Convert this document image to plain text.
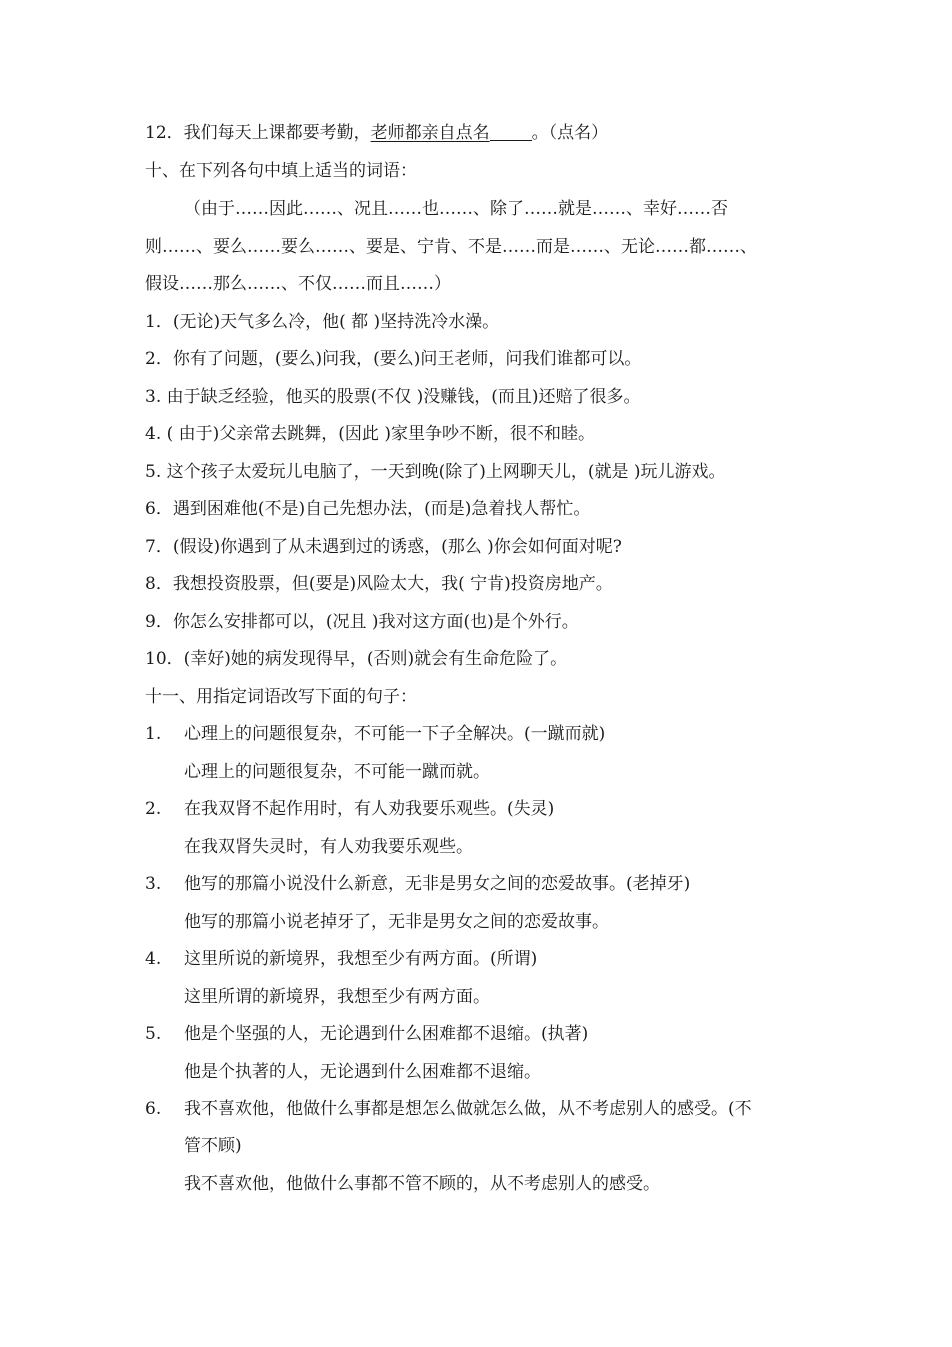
12．我们每天上课都要考勤，老师都亲自点名 。（点名）
十、在下列各句中填上适当的词语：
（由于……因此……、况且……也……、除了……就是……、幸好……否
则……、要么……要么……、要是、宁肯、不是……而是……、无论……都……、
假设……那么……、不仅……而且……）
1．(无论)天气多么冷，他( 都 )坚持洗冷水澡。
2．你有了问题，(要么)问我，(要么)问王老师，问我们谁都可以。
3. 由于缺乏经验，他买的股票(不仅 )没赚钱，(而且)还赔了很多。
4. ( 由于)父亲常去跳舞，(因此 )家里争吵不断，很不和睦。
5. 这个孩子太爱玩儿电脑了，一天到晚(除了)上网聊天儿，(就是 )玩儿游戏。
6．遇到困难他(不是)自己先想办法，(而是)急着找人帮忙。
7．(假设)你遇到了从未遇到过的诱惑，(那么 )你会如何面对呢?
8．我想投资股票，但(要是)风险太大，我( 宁肯)投资房地产。
9．你怎么安排都可以，(况且 )我对这方面(也)是个外行。
10．(幸好)她的病发现得早，(否则)就会有生命危险了。
十一、用指定词语改写下面的句子：
1. 心理上的问题很复杂，不可能一下子全解决。(一蹴而就)
心理上的问题很复杂，不可能一蹴而就。
2. 在我双肾不起作用时，有人劝我要乐观些。(失灵)
在我双肾失灵时，有人劝我要乐观些。
3. 他写的那篇小说没什么新意，无非是男女之间的恋爱故事。(老掉牙)
他写的那篇小说老掉牙了，无非是男女之间的恋爱故事。
4. 这里所说的新境界，我想至少有两方面。(所谓)
这里所谓的新境界，我想至少有两方面。
5. 他是个坚强的人，无论遇到什么困难都不退缩。(执著)
他是个执著的人，无论遇到什么困难都不退缩。
6. 我不喜欢他，他做什么事都是想怎么做就怎么做，从不考虑别人的感受。(不
管不顾)
我不喜欢他，他做什么事都不管不顾的，从不考虑别人的感受。
